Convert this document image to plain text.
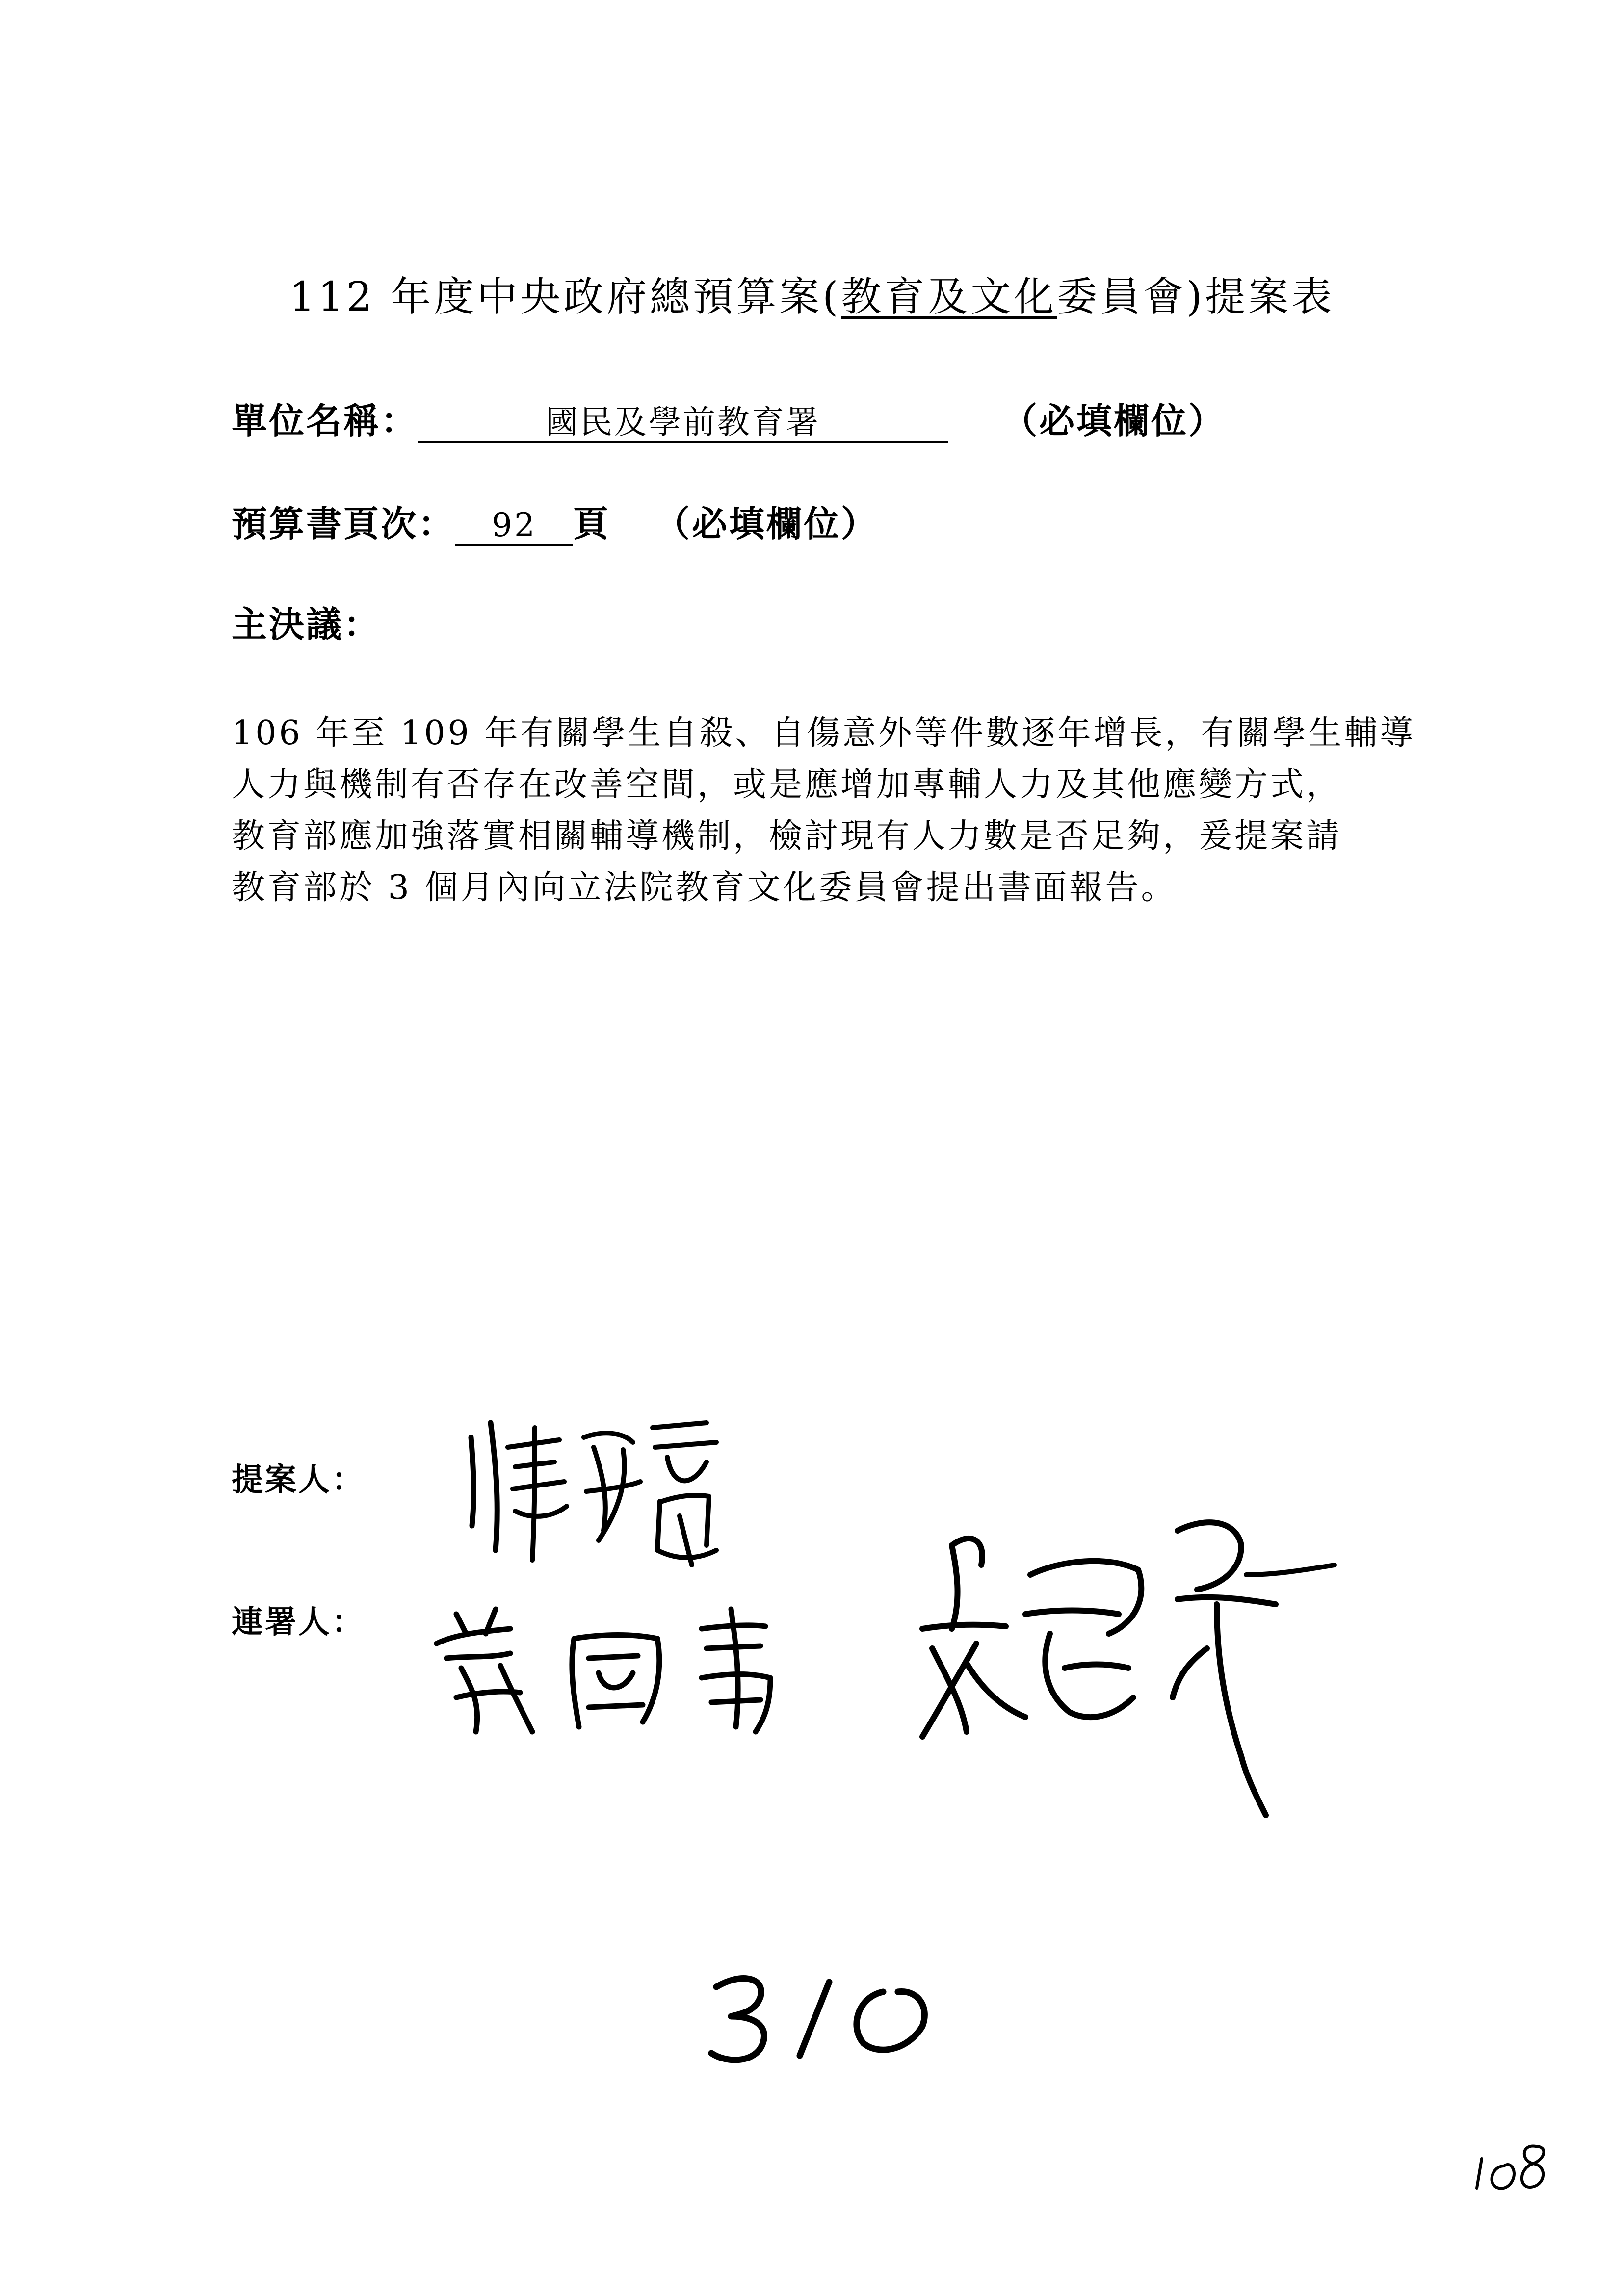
112 年度中央政府總預算案(教育及文化委員會)提案表
單位名稱：	國民及學前教育署	（必填欄位）
預算書頁次： 92 頁 （必填欄位）
主決議：
106 年至 109 年有關學生自殺、自傷意外等件數逐年增長，有關學生輔導
人力與機制有否存在改善空間，或是應增加專輔人力及其他應變方式，
教育部應加強落實相關輔導機制，檢討現有人力數是否足夠，爰提案請
教育部於 3 個月內向立法院教育文化委員會提出書面報告。
提案人：
連署人：
